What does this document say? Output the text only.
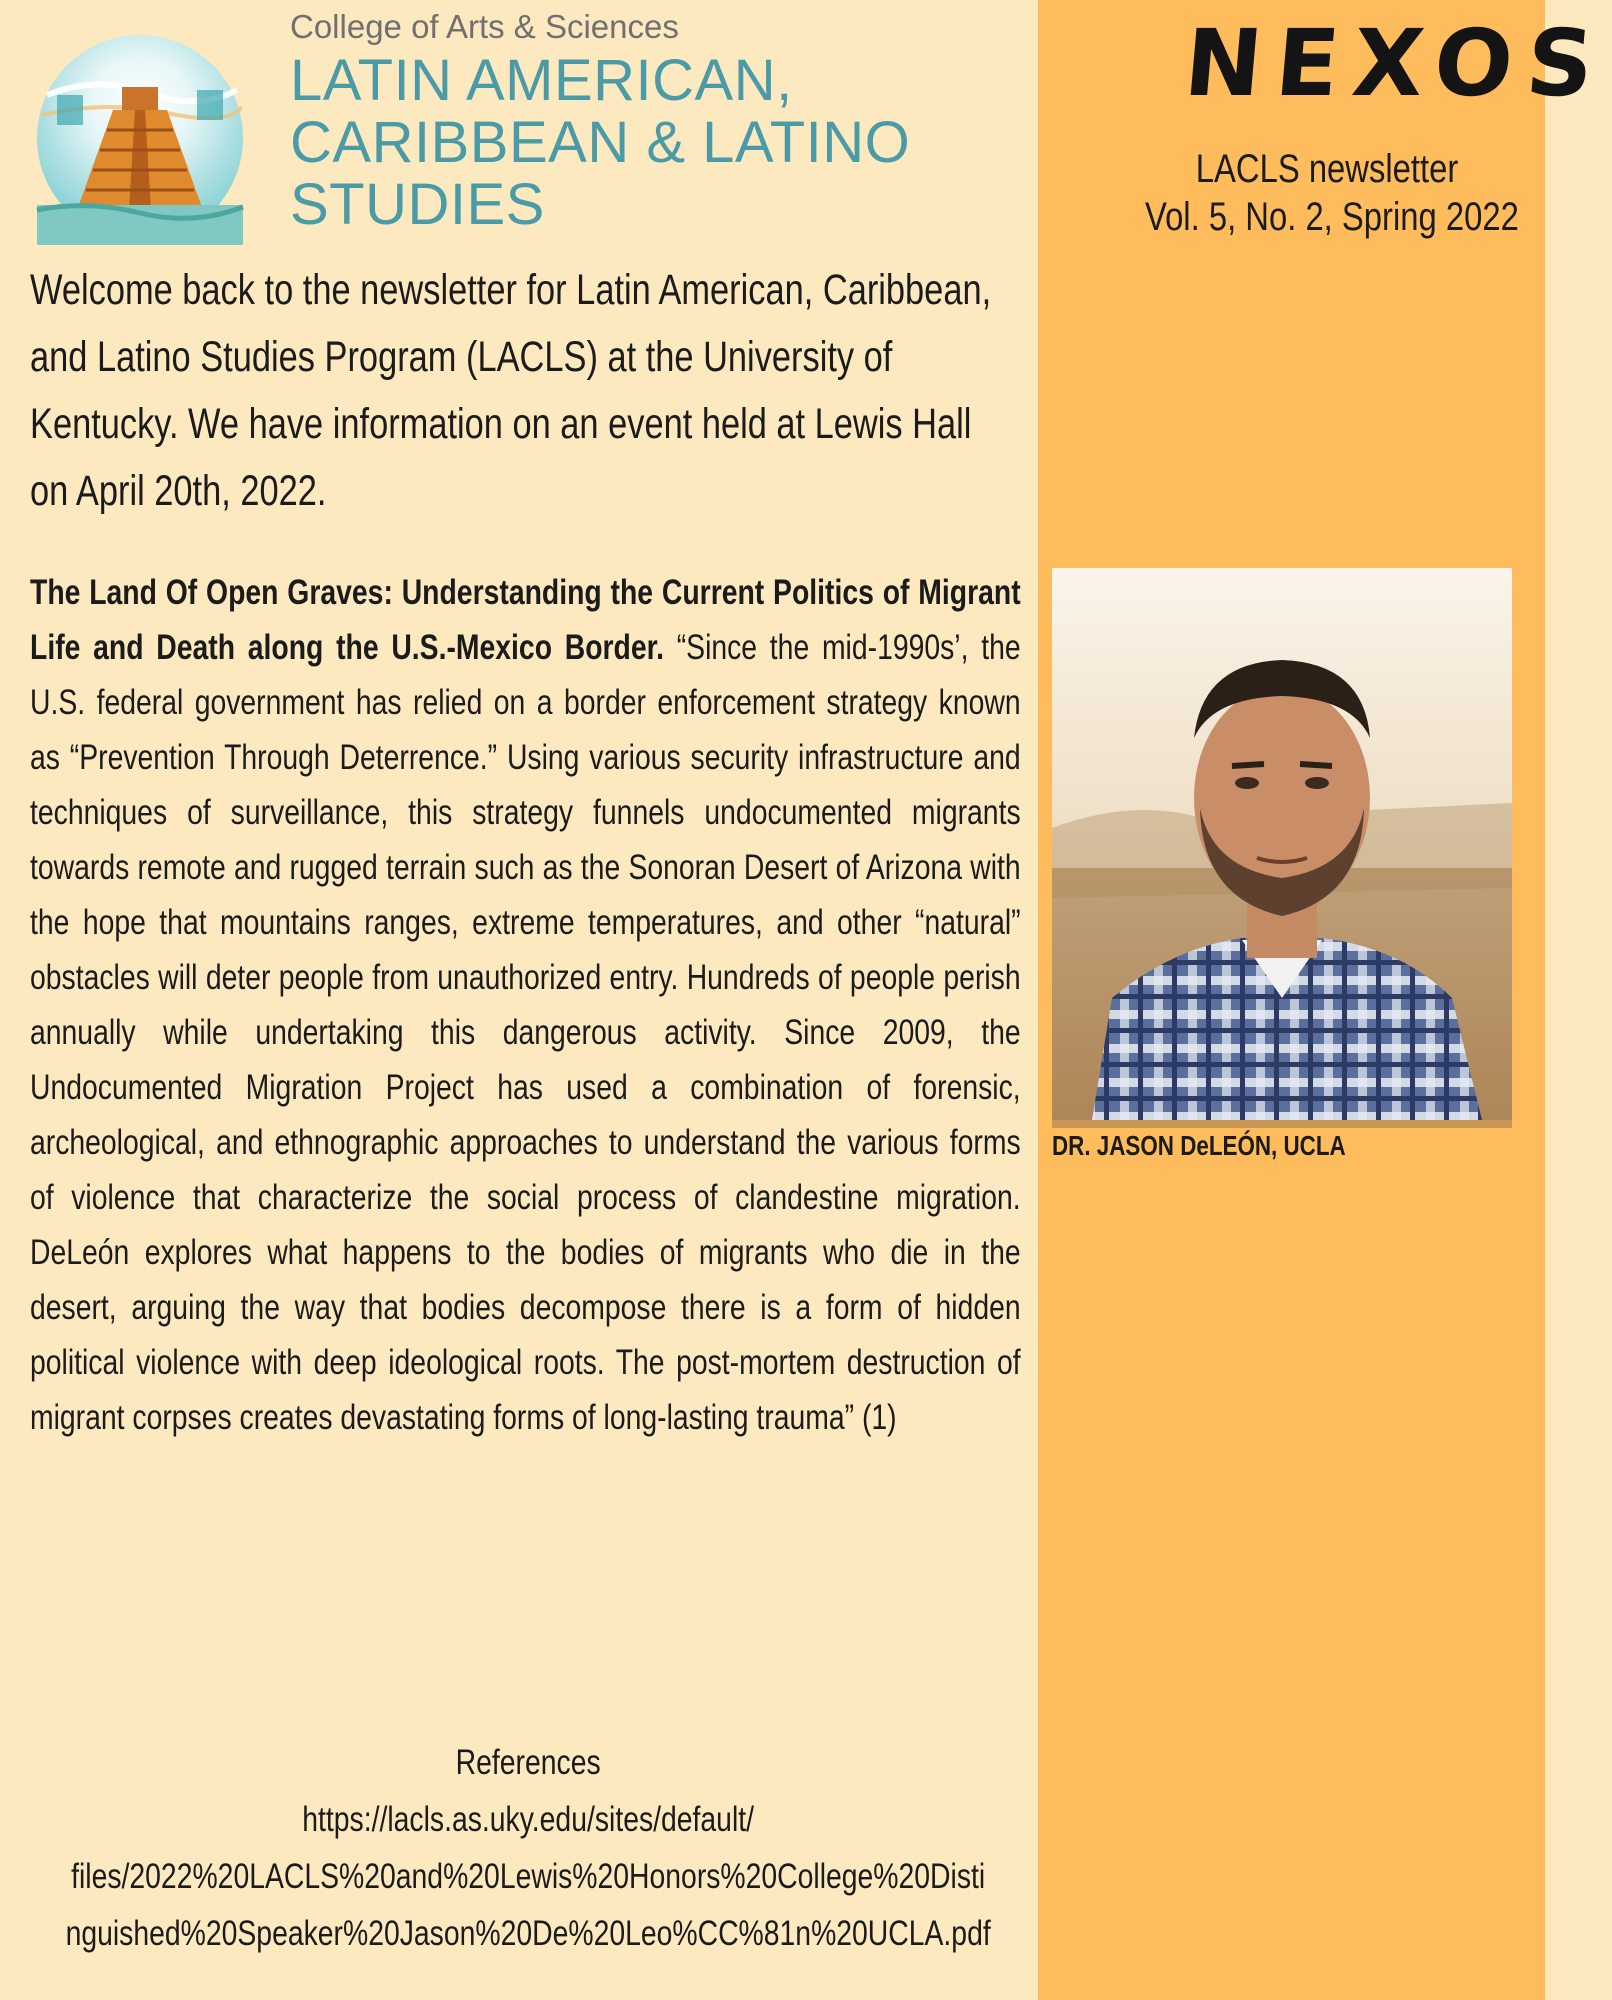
College of Arts & Sciences
LATIN AMERICAN,
CARIBBEAN & LATINO
STUDIES
NEXOS
LACLS newsletter
Vol. 5, No. 2, Spring 2022
Welcome back to the newsletter for Latin American, Caribbean, and Latino Studies Program (LACLS) at the University of Kentucky. We have information on an event held at Lewis Hall on April 20th, 2022.
The Land Of Open Graves: Understanding the Current Politics of Migrant Life and Death along the U.S.-Mexico Border. “Since the mid-1990s’, the U.S. federal government has relied on a border enforcement strategy known as “Prevention Through Deterrence.” Using various security infrastructure and techniques of surveillance, this strategy funnels undocumented migrants towards remote and rugged terrain such as the Sonoran Desert of Arizona with the hope that mountains ranges, extreme temperatures, and other “natural” obstacles will deter people from unauthorized entry. Hundreds of people perish annually while undertaking this dangerous activity. Since 2009, the Undocumented Migration Project has used a combination of forensic, archeological, and ethnographic approaches to understand the various forms of violence that characterize the social process of clandestine migration. DeLeón explores what happens to the bodies of migrants who die in the desert, arguing the way that bodies decompose there is a form of hidden political violence with deep ideological roots. The post-mortem destruction of migrant corpses creates devastating forms of long-lasting trauma” (1)
DR. JASON DeLEÓN, UCLA
References
https://lacls.as.uky.edu/sites/default/
files/2022%20LACLS%20and%20Lewis%20Honors%20College%20Disti
nguished%20Speaker%20Jason%20De%20Leo%CC%81n%20UCLA.pdf
